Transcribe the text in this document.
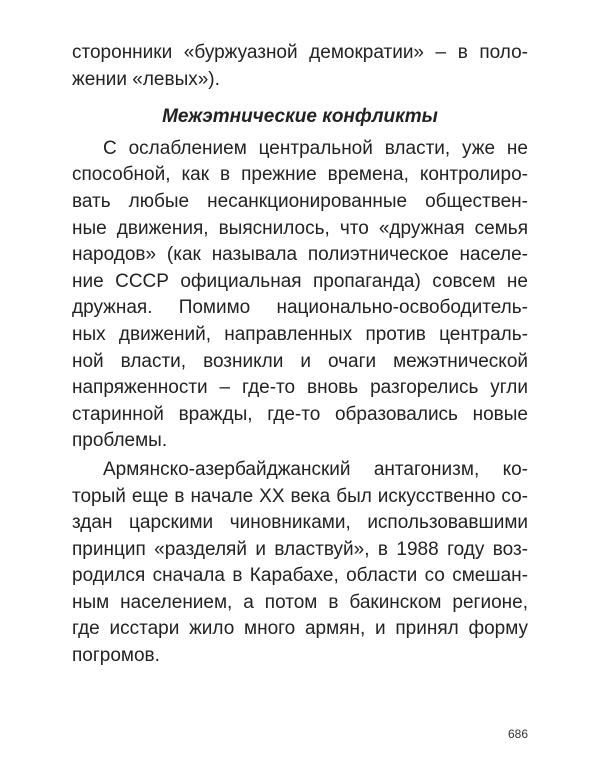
сторонники «буржуазной демократии» – в поло-
жении «левых»).
Межэтнические конфликты
С ослаблением центральной власти, уже не
способной, как в прежние времена, контролиро-
вать любые несанкционированные обществен-
ные движения, выяснилось, что «дружная семья
народов» (как называла полиэтническое населе-
ние СССР официальная пропаганда) совсем не
дружная. Помимо национально-освободитель-
ных движений, направленных против централь-
ной власти, возникли и очаги межэтнической
напряженности – где-то вновь разгорелись угли
старинной вражды, где-то образовались новые
проблемы.
Армянско-азербайджанский антагонизм, ко-
торый еще в начале XX века был искусственно со-
здан царскими чиновниками, использовавшими
принцип «разделяй и властвуй», в 1988 году воз-
родился сначала в Карабахе, области со смешан-
ным населением, а потом в бакинском регионе,
где исстари жило много армян, и принял форму
погромов.
686
